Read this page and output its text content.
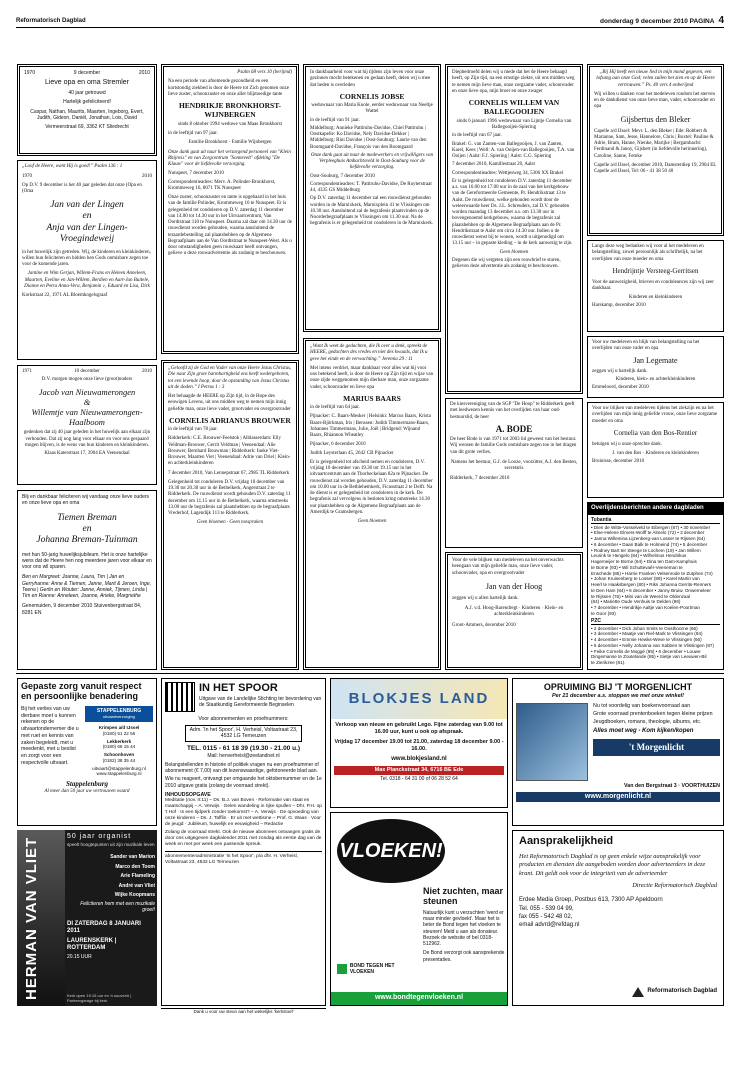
Reformatorisch Dagblad	donderdag 9 december 2010 PAGINA 4
1970	9 december	2010
Lieve opa en oma Stremler
40 jaar getrouwd
Hartelijk gefeliciteerd!
Caspar, Nathan, Maurits, Maarten, Ingeborg, Evert, Judith, Gideon, Daniël, Jonathan, Lois, David
Vermeerstraat 69, 3362 KT Sliedrecht
„Loof de Heere, want Hij is goed!” Psalm 136 : 1
1970	2010

Op D.V. 9 december is het 40 jaar geleden dat onze (Opa en (Oma

Jan van der Lingen
en
Anja van der Lingen-Vroegindeweij

in het huwelijk zijn getreden. Wij, de kinderen en kleinkinderen, willen hun feliciteren en bidden hen Gods onmisbare zegen toe voor de komende jaren.

Jantine en Wim Gerjan, Willem-Frans en Heleen Anneleen, Maarten, Eveline en Jan-Willem, Berdien en Aart-Jan Buitele, Dianne en Petra Anna-Vera, Benjamin ♪, Eduard en Lisa, Dirk

Korkstraat 22, 1971 AL Bloemkogelsgraaf

1971	10 december	2010

D.V. morgen mogen onze lieve (groot)ouders

Jacob van Nieuwamerongen
&
Willemtje van Nieuwamerongen-Haalboom

gedenken dat zij 40 jaar geleden in het huwelijk aan elkaar zijn verbonden. Dat zij nog lang voor elkaar en voor ons gespaard mogen blijven, is de wens van hun kinderen en kleinkinderen.

Klaas Katerstraat 17, 3904 EA Veenendaal

Blij en dankbaar feliciteren wij vandaag onze lieve ouders en onze lieve opa en oma

Tiemen Breman
en
Johanna Breman-Tuinman

met hun 50-jarig huwelijksjubileum. Het is onze hartelijke wens dat de Heere hen nog meerdere jaren voor elkaar en voor ons wil sparen.

Ben en Margreet: Joanne, Laura, Tim | Jan en Gerryhanne: Anne & Tiemen, Janne, Marit & Jeroen, Inge, Teena | Gerlin en Wouter: Janne, Anniek, Tijmen, Linda | Tim en Rianne: Anneleen, Joanne, Arieke, Margriethe

Genemuiden, 9 december 2010 Stuivenbergstraat 84, 8281 EN

Psalm 68 vers 10 (berijmd)

Na een periode van afnemende gezondheid en een kortstondig ziekbed is door de Heere tot Zich genomen onze lieve zuster, schoonzuster en onze aller blijmoedige tante

HENDRIKJE BRONKHORST-WIJNBERGEN

sinds 8 oktober 1994 weduwe van Maas Bronkhorst

in de leeftijd van 97 jaar.

Familie Bronkhorst · Familie Wijnbergen

Onze dank gaat uit naar het verzorgend personeel van "Klein Rhijnvis" en van Zorgcentrum "Sonnevelt" afdeling "De Klauw" voor de liefdevolle verzorging.

Nunspeet, 7 december 2010

Correspondentieadres: Merv. A. Polinder-Bronkhorst, Krommeweg 16, 8071 TK Nunspeet

Onze zuster, schoonzuster en tante is opgebaard in het huis van de familie Polinder, Krommeweg 16 te Nunspeet. Er is gelegenheid tot condoleren op D.V. zaterdag 11 december van 14.00 tot 14.30 uur in het Uitvaartcentrum, Van Oordtstraat 110 te Nunspeet. Daarna zal daar om 14.30 uur de rouwdienst worden gehouden, waarna aansluitend de teraardebestelling zal plaatshebben op de Algemene Begraafplaats aan de Van Oordtstraat te Nunspeet-West. Als u door omstandigheden geen rouwkaart heeft ontvangen, gelieve u deze rouwadvertentie als zodanig te beschouwen.

„Geloofd zij de God en Vader van onze Heere Jezus Christus, Die naar Zijn grote barmhartigheid ons heeft wedergeboren, tot een levende hoop, door de opstanding van Jezus Christus uit de doden.” I Petrus 1 : 3

Het behaagde de HEERE op Zijn tijd, in de Hope des eeuwigen Levens, uit ons midden weg te nemen mijn innig geliefde man, onze lieve vader, grootvader en overgrootvader

CORNELIS ADRIANUS BROUWER

in de leeftijd van 78 jaar.

Ridderkerk: C.E. Brouwer-Feelstok | Alblasserdam: Elly Veldman-Brouwer, Gerrit Veldman | Veenendaal: Alie Brouwer, Bernhard Bouwman | Ridderkerk: Ineke Viet-Brouwer, Maarten Viet | Veenendaal: Adrie van Driel | Klein- en achterkleinkinderen

7 december 2010, Van Lennepstraat 67, 2985 TL Ridderkerk

Gelegenheid tot condoleren D.V. vrijdag 10 december van 19.30 tot 20.30 uur in de Bethelkerk, Angerstraat 2 te Ridderkerk. De rouwdienst wordt gehouden D.V. zaterdag 11 december om 11.15 uur in de Bethelkerk, waarna omstreeks 13.00 uur de begrafenis zal plaatshebben op de begraafplaats Vrederhof, Lagendijk 113 te Ridderkerk.

Geen bloemen · Geen toespraken

In dankbaarheid voor wat hij tijdens zijn leven voor onze gezinnen mocht betekenen en gedaan heeft, delen wij u mee dat heden is overleden

CORNELIS JOBSE

weduwnaar van Maria Koole, eerder weduwnaar van Neeltje Wattel

in de leeftijd van 91 jaar.

Middelburg: Annieke Pattiruhu-Davidse, Chiel Pattiruhu | Oostkapelle: Ko Davidse, Nely Davidse-Dekker | Middelburg: Rini Davidse | Oost-Souburg: Laurie van den Boomgaard-Davidse, François van den Boomgaard

Onze dank gaat uit naar de medewerkers en vrijwilligers van Verpleeghuis Ambachtsveld in Oost-Souburg voor de liefdevolle verzorging.

Oost-Souburg, 7 december 2010

Correspondentieadres: T. Pattiruhu-Davidse, De Ruyterstraat 44, 4335 GS Middelburg

Op D.V. zaterdag 11 december zal een rouwdienst gehouden worden in de Marnixkerk, Marnixplein 41 te Vlissingen om 10.30 uur. Aansluitend zal de begrafenis plaatsvinden op de Noorderbegraafplaats te Vlissingen om 11.30 uur. Na de begrafenis is er gelegenheid tot condoleren in de Marnixkerk.

„Want Ik weet de gedachten, die Ik over u denk, spreekt de HEERE, gedachten des vredes en niet des kwaads, dat Ik u geve het einde en de verwachting.” Jeremia 29 : 11

Met intens verdriet, maar dankbaar voor alles wat hij voor ons betekend heeft, is door de Heere op Zijn tijd en wijze van onze zijde weggenomen mijn dierbare man, onze zorgzame vader, schoonvader en lieve opa

MARIUS BAARS

in de leeftijd van 64 jaar.

Pijnacker: C. Baars-Mesker | Helsinki: Marcus Baars, Krista Baars-Björkman, Iris | Benssen: Judith Timmermans-Baars, Johannes Timmermans, Julie, Joël | Bridgend: Wijnand Baars, Rhiannon Wheatley

Pijnacker, 6 december 2010

Judith Leysterlaan 45, 2642 CB Pijnacker

Er is gelegenheid tot afscheid nemen en condoleren, D.V. vrijdag 10 december van 19.30 tot 19.15 uur in het uitvaartcentrum aan de Thorbeckelaan 82a te Pijnacker. De rouwdienst zal worden gehouden, D.V. zaterdag 11 december om 10.00 uur in de Bethlehemkerk, Ficusstraat 2 te Delft. Na de dienst is er gelegenheid tot condoleren in de kerk. De begrafenis zal vervolgens in besloten kring omstreeks 14.30 uur plaatshebben op de Algemene Begraafplaats aan de Amerdijk te Gramsbergen.

Geen bloemen

Diepbedroefd delen wij u mede dat het de Heere behaagd heeft, op Zijn tijd, na een ernstige ziekte, uit ons midden weg te nemen mijn lieve man, onze zorgzame vader, schoonvader en onze lieve opa, mijn broer en onze zwager

CORNELIS WILLEM VAN BALLEGOOIJEN

sinds 6 januari 1996 weduwnaar van Lijntje Cornelia van Ballegooijen-Spiering

in de leeftijd van 67 jaar.

Brakel: G. van Zanten-van Ballegooijen, J. van Zanten, Karel, Kees | Well: A. van Ooijen-van Ballegooijen, T.A. van Ooijen | Aalst: F.J. Spiering | Aalst: C.G. Spiering

7 december 2010, Kamillestraat 20, Aalst

Correspondentieadres: Wettjesweg 34, 5306 XX Brakel

Er is gelegenheid tot condoleren D.V. zaterdag 11 december a.s. van 16.00 tot 17.00 uur in de zaal van het kerkgebouw van de Gereformeerde Gemeente, Pr. Hendrikstraat 13 te Aalst. De rouwdienst, welke gehouden wordt door de weleerwaarde heer Ds. J.L. Schreuders, zal D.V. gehouden worden maandag 13 december a.s. om 13.30 uur in bovengenoemd kerkgebouw, waarna de begrafenis zal plaatshebben op de Algemene Begraafplaats aan de Pr. Hendrikstraat te Aalst om circa 14.30 uur. Indien u de rouwdienst wenst bij te wonen, wordt u uitgenodigd om 13.15 uur – in gepaste kleding – in de kerk aanwezig te zijn.

Geen bloemen

Degenen die wij vergeten zijn een rouwbrief te sturen, gelieven deze advertentie als zodanig te beschouwen.

De kiesvereniging van de SGP "De Hoop" te Ridderkerk geeft met leedwezen kennis van het overlijden van haar oud-bestuurslid, de heer

A. BODE

De heer Bode is van 1971 tot 2003 lid geweest van het bestuur. Wij wensen de familie Gods onmisbare zegen toe in het dragen van dit grote verlies.

Namens het bestuur, G.J. de Looze, voorzitter, A.J. den Besten, secretaris

Ridderkerk, 7 december 2010

Voor de vele blijken van medeleven na het onverwachts heengaan van mijn geliefde man, onze lieve vader, schoonvader, opa en overgrootvader

Jan van der Hoog

zeggen wij u allen hartelijk dank.

A.J. v.d. Hoog-Barendregt · Kinderen · Klein- en achterkleinkinderen

Groot-Ammers, december 2010

„Bij Hij heeft een nieuw lied in mijn mond gegeven, een lofzang aan onze God; velen zullen het zien en op de Heere vertrouwen.” Ps. 40 vers 4 onberijmd

Wij willen u danken voor het medeleven rondom het sterven en de dankdienst van onze lieve man, vader, schoonvader en opa

Gijsbertus den Bleker

Capelle a/d IJssel: Mevr. L. den Bleker | Ede: Robbert & Marianne, Sam, Jesse, Hannelore, Chris | Boxtel: Pauline & Adrie, Bram, Hanne, Nienke, Marijke | Bergambacht: Ferdinand & Janny, Gijsbert (in liefdevolle herinnering), Caroline, Sanne, Femke

Capelle a/d IJssel, december 2010, Damsterdiep 19, 2904 EL Capelle a/d IJssel, Tel: 06 - 41 38 50 40

Langs deze weg bedanken wij voor al het medeleven en belangstelling, zowel persoonlijk als schriftelijk, na het overlijden van onze moeder en oma

Hendrijntje Versteeg-Gerritsen

Voor de aanwezigheid, brieven en condoleances zijn wij zeer dankbaar.

Kinderen en kleinkinderen

Harskamp, december 2010

Voor uw medeleven en blijk van belangstelling na het overlijden van onze vader en opa

Jan Legemate

zeggen wij u hartelijk dank.

Kinderen, klein- en achterkleinkinderen

Emmeloord, december 2010

Voor uw blijken van medeleven tijdens het ziekzijn en na het overlijden van mijn innig geliefde vrouw, onze lieve zorgzame moeder en oma

Cornelia van den Bos-Rentier

betuigen wij u onze oprechte dank.

J. van den Bos · Kinderen en kleinkinderen

Bruinisse, december 2010

Overlijdensberichten andere dagbladen
Tubantia
• Dien de Witte-Vosselveld te Eibergen (87) • 30 november
• Else-Helene Elmers-Wolff te Almelo (72) • 3 december
• Janna Willemina Lijzenberg-van Losser te Rijssen (64)
• 6 december • Daan Balk te Holmeind (74) • 5 december
• Rodney Bart ter Steege te Lochem (19) • Jan Willem
Leurink te Hengelo (84) • Wilhelmus Hendrikus
Hagemeijer te Borne (64) • Dina ten Dam-Kamphuis
te Borne (93) • Wil Schuttevaêr-Veeneman te
Enschede (85) • Harrie Franken Velsenrode te Zutphen (74)
• Johan Kruisenberg te Losser (89) • Karel Martin van
Heerl te Haaksbergen (80) • Riks Johanna Gerrits-Renners
te Den Ham (84) • 6 december • Janny Bruiw. Onwemeleer
te Rijssen (76) • Mini van de Weerd te Oldenzaal
(84) • Mariette Oude Venhuis te Delden (96)
• 7 december • Hendrikje Aaltje van Koelen-Poortman
te Goor (93)
PZC
• 2 december • Dick Johan Smits te Oosthoorne (66)
• 3 december • Maatje van Riel-Mark te Vlissingen (94)
• 4 december • Emmie Hewks-Weve te Vlissingen (66)
• 5 december • Nelly Johanna van Sabben te Vlissingen (87)
• Feike Cornelis de Moggé (95) • 6 december • Louwe
Dingemanse te Zoutelande (85) • Sietje van Leeuwen-Bil
te Zierikzee (81).
Gepaste zorg vanuit respect en persoonlijke benadering
Bij het verlies van uw dierbare moet u kunnen rekenen op de uitvaartondernemer die u met ruet en kennis van zaken begeleidt, met u meedenkt, met u beslist en zorgt voor een respectvolle uitvaart.
STAPPELENBURG
uitvaartverzorging
Krimpen a/d IJssel
(0180) 51 22 55
Lekkerkerk
(0180) 66 15 44
Schoonhoven
(0182) 38 35 44
uitvaart@stappelenburg.nl www.stappelenburg.nl
Stappelenburg
Al meer dan 50 jaar uw vertrouwen waard
HERMAN VAN VLIET
50 jaar organist
speelt hoogtepunten uit zijn muzikale leven
Sander van Marion
Marco den Toom
Arie Flameling
André van Vliet
Wijke Koopmans
Feliciteren hem met een muzikale groet!
DI ZATERDAG 8 JANUARI 2011
LAURENSKERK | ROTTERDAM
20.15 UUR
Kerk open 19.15 uur en 'n souvenir | Parkeergarage bij kerk
IN HET SPOOR
Uitgave van de Landelijke Stichting ter bevordering van de Staatkundig Gereformeerde Beginselen
Voor abonnementen en proefnummers:
Adm. 'In het Spoor', H. Verheisl, Voltastraat 23, 4532 LG Terneuzen
TEL. 0115 - 61 18 39 (19.30 - 21.00 u.)
Mail: henverheisl@zeelandnet.nl
Belangstellenden in historie of politiek vragen nu een proefnummer of abonnement (€ 7,00) van dit lezenswaardige, gefotoneerde blad aan.
Wie nu reageert, ontvangt per omgaande het oktobernummer en de 1e 2010 uitgave gratis (zolang de voorraad strekt).
INHOUDSOPGAVE
Meditatie (nov. II:11) – Ds. B.J. van Boven · Reformatie van staat en maatschappij – A. Verwijs · Gelen wandeling in rijke spullen – Dhr. P.H. op 't Hof · Is een tijdperk zonder toekomst? – A. Verwijs · De opvoeding van onze kinderen – Ds. J. Tafflin · Er uit met wettisme – Prof. G. Waas · Voor de jeugd · Jubileum, huwelijk en eeuwigheid – Redactie
Zolang de voorraad strekt. Ook de nieuwe abonnees ontvangen gratis de door ons uitgegeven dagkalender 2011 met zondag als eerste dag van de week en met per week een passende spreuk.
abonnementenadministratie 'In het Spoor', p/a dhr. H. Verheisl, Voltastraat 23, 4532 LG Terneuzen
BLOKJES LAND
Verkoop van nieuw en gebruikt Lego. Fijne zaterdag van 9.00 tot 16.00 uur, kunt u ook op afspraak.
Vrijdag 17 december 19.00 tot 21.00, zaterdag 18 december 9.00 - 16.00.
www.blokjesland.nl
Max Planckstraat 34, 6716 BE Ede
Tel. 0318 - 64 31 00 of 06 28 52 64
OPRUIMING BIJ 'T MORGENLICHT
Per 21 december a.s. stoppen we met onze winkel!
Nu tot voordelig van boekenvoorraad aan
Grote voorraad prentenboeken tegen kleine prijzen
Jeugdboeken, romans, theologie, albums, etc.
Alles moet weg - Kom kijken/kopen
't Morgenlicht
Van den Bergstraat 3 · VOORTHUIZEN
www.morgenlicht.nl
VLOEKEN!
Niet zuchten, maar steunen
Natuurlijk kunt u verzuchten 'werd er maar minder gevloekt'. Maar het is beter de Bond tegen het vloeken te steunen! Meld u aan als donateur. Bezoek de website of bel 0318-512962.
De Bond verzorgt ook aansprekende presentaties.
BOND TEGEN HET VLOEKEN
www.bondtegenvloeken.nl
Aansprakelijkheid
Het Reformatorisch Dagblad is op geen enkele wijze aansprakelijk voor producten en diensten die aangeboden worden door adverteerders in deze krant. Dit geldt ook voor de integriteit van de adverteerder
Directie Reformatorisch Dagblad
Erdee Media Groep, Postbus 613, 7300 AP Apeldoorn
Tel. 055 - 539 04 99,
fax 055 - 542 48 02,
email advrd@refdag.nl
Reformatorisch Dagblad
Dank u voor uw steun aan het wekelijks 'kerkstoel'
